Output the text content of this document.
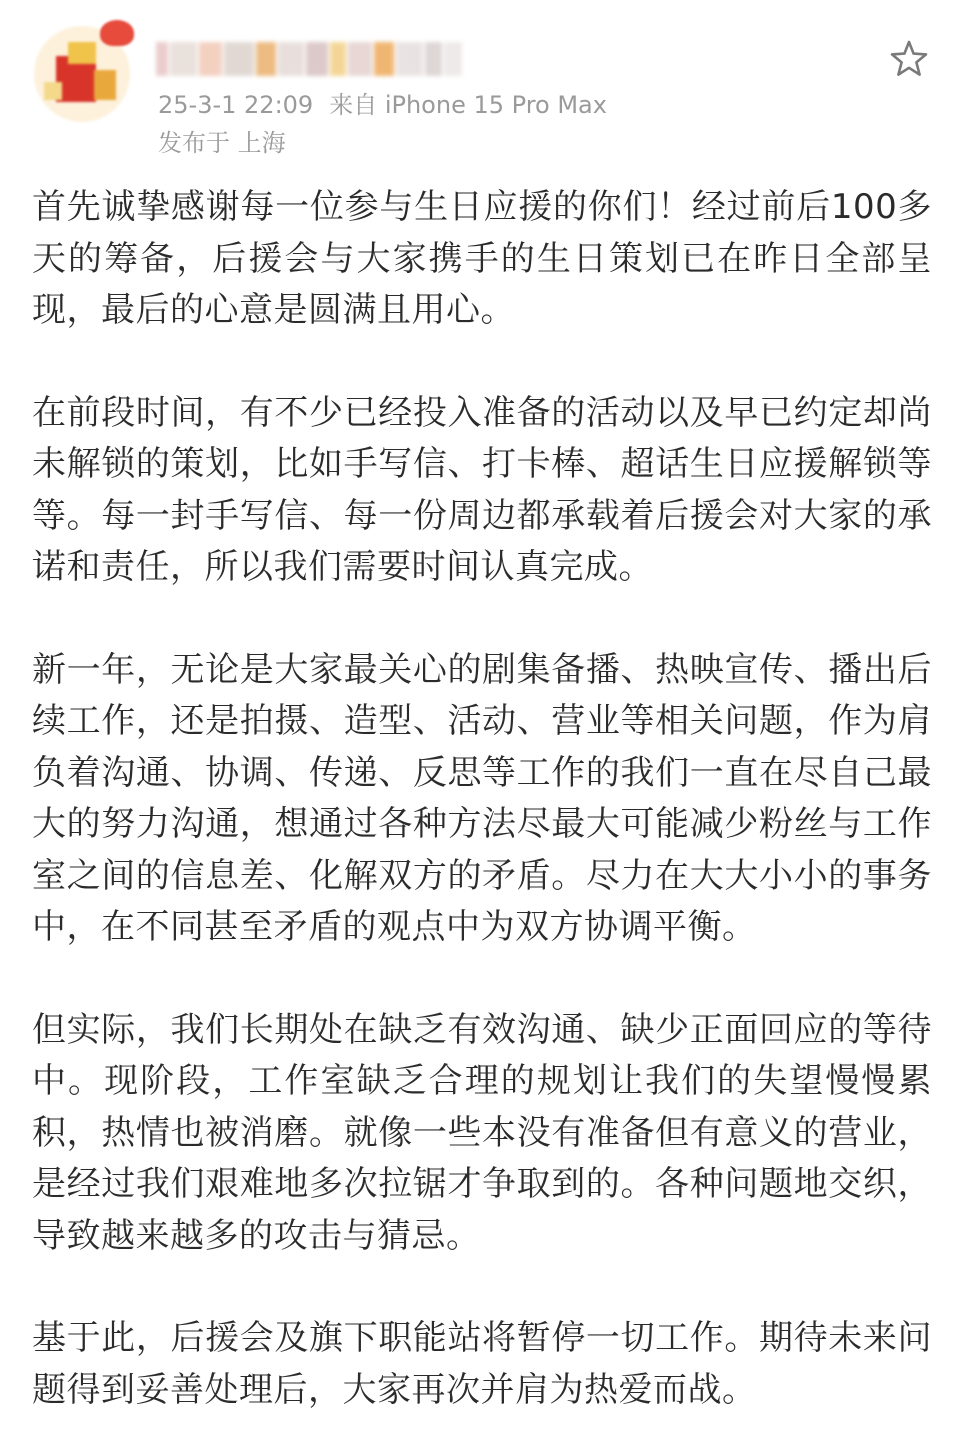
25-3-1 22:09 来自 iPhone 15 Pro Max
发布于 上海

首先诚挚感谢每一位参与生日应援的你们！经过前后100多天的筹备，后援会与大家携手的生日策划已在昨日全部呈现，最后的心意是圆满且用心。

在前段时间，有不少已经投入准备的活动以及早已约定却尚未解锁的策划，比如手写信、打卡棒、超话生日应援解锁等等。每一封手写信、每一份周边都承载着后援会对大家的承诺和责任，所以我们需要时间认真完成。

新一年，无论是大家最关心的剧集备播、热映宣传、播出后续工作，还是拍摄、造型、活动、营业等相关问题，作为肩负着沟通、协调、传递、反思等工作的我们一直在尽自己最大的努力沟通，想通过各种方法尽最大可能减少粉丝与工作室之间的信息差、化解双方的矛盾。尽力在大大小小的事务中，在不同甚至矛盾的观点中为双方协调平衡。

但实际，我们长期处在缺乏有效沟通、缺少正面回应的等待中。现阶段，工作室缺乏合理的规划让我们的失望慢慢累积，热情也被消磨。就像一些本没有准备但有意义的营业，是经过我们艰难地多次拉锯才争取到的。各种问题地交织，导致越来越多的攻击与猜忌。

基于此，后援会及旗下职能站将暂停一切工作。期待未来问题得到妥善处理后，大家再次并肩为热爱而战。
